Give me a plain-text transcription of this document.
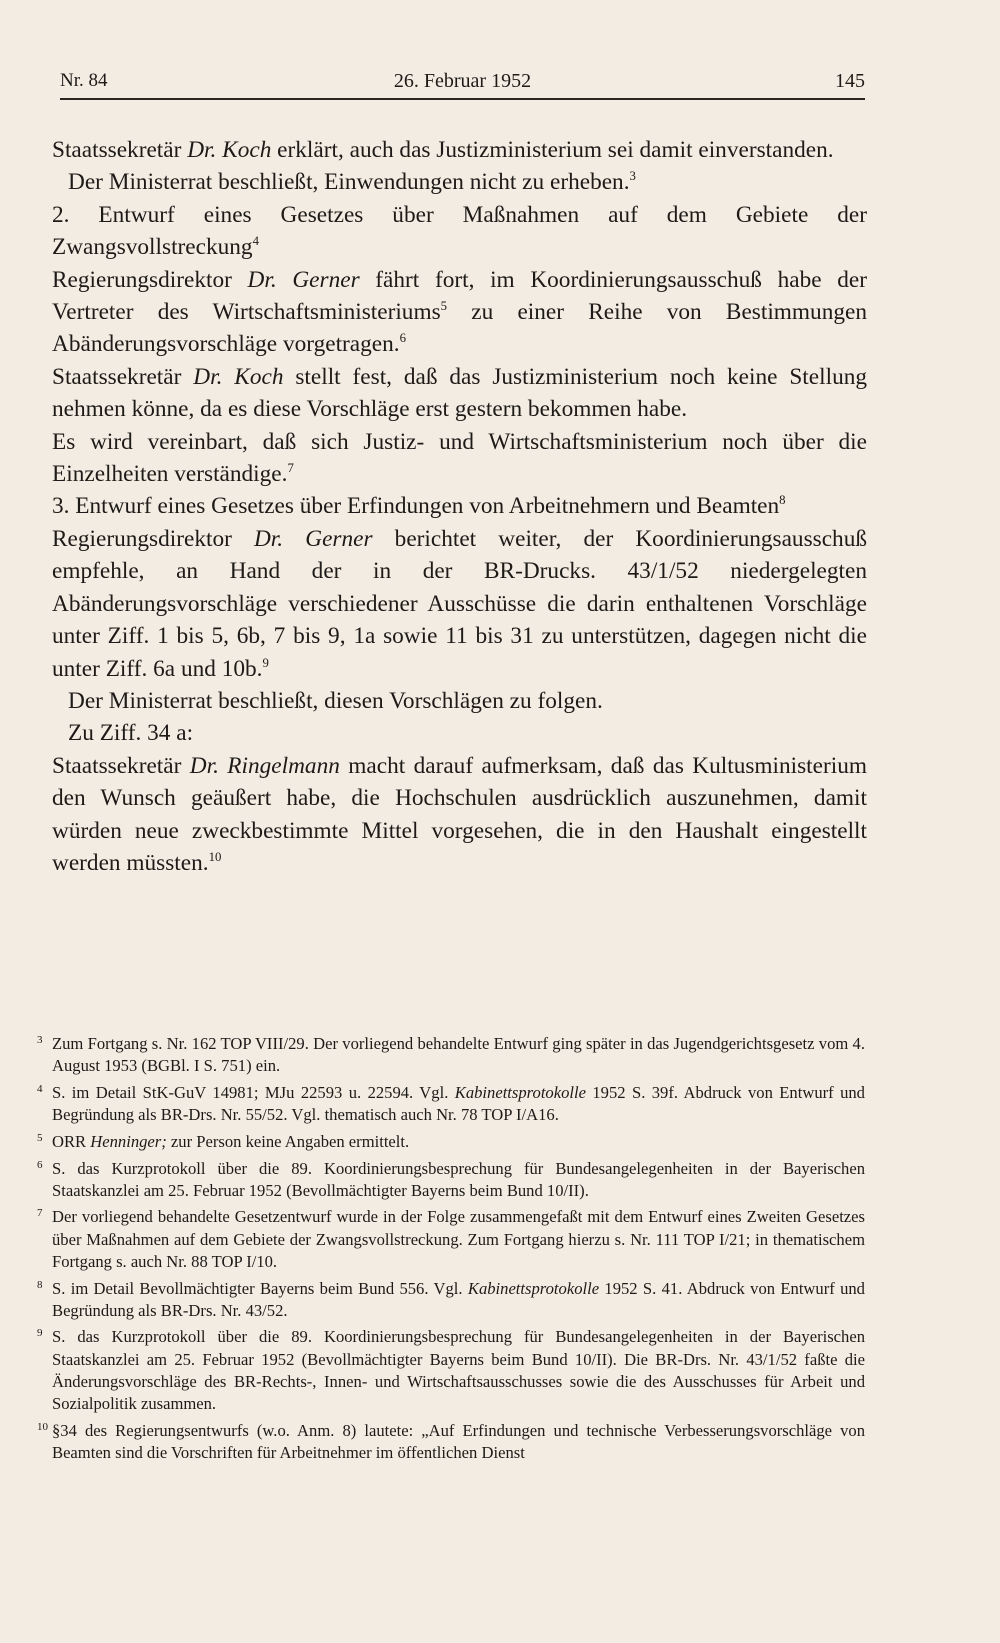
Nr. 84	26. Februar 1952	145

Staatssekretär Dr. Koch erklärt, auch das Justizministerium sei damit einverstanden.

Der Ministerrat beschließt, Einwendungen nicht zu erheben.$^3$

2. Entwurf eines Gesetzes über Maßnahmen auf dem Gebiete der Zwangsvollstreckung$^4$

Regierungsdirektor Dr. Gerner fährt fort, im Koordinierungsausschuß habe der Vertreter des Wirtschaftsministeriums$^5$ zu einer Reihe von Bestimmungen Abänderungsvorschläge vorgetragen.$^6$

Staatssekretär Dr. Koch stellt fest, daß das Justizministerium noch keine Stellung nehmen könne, da es diese Vorschläge erst gestern bekommen habe.

Es wird vereinbart, daß sich Justiz- und Wirtschaftsministerium noch über die Einzelheiten verständige.$^7$

3. Entwurf eines Gesetzes über Erfindungen von Arbeitnehmern und Beamten$^8$

Regierungsdirektor Dr. Gerner berichtet weiter, der Koordinierungsausschuß empfehle, an Hand der in der BR-Drucks. 43/1/52 niedergelegten Abänderungsvorschläge verschiedener Ausschüsse die darin enthaltenen Vorschläge unter Ziff. 1 bis 5, 6b, 7 bis 9, 1a sowie 11 bis 31 zu unterstützen, dagegen nicht die unter Ziff. 6a und 10b.$^9$

Der Ministerrat beschließt, diesen Vorschlägen zu folgen.

Zu Ziff. 34 a:

Staatssekretär Dr. Ringelmann macht darauf aufmerksam, daß das Kultusministerium den Wunsch geäußert habe, die Hochschulen ausdrücklich auszunehmen, damit würden neue zweckbestimmte Mittel vorgesehen, die in den Haushalt eingestellt werden müssten.$^{10}$

3 Zum Fortgang s. Nr. 162 TOP VIII/29. Der vorliegend behandelte Entwurf ging später in das Jugendgerichtsgesetz vom 4. August 1953 (BGBl. I S. 751) ein.

4 S. im Detail StK-GuV 14981; MJu 22593 u. 22594. Vgl. Kabinettsprotokolle 1952 S. 39f. Abdruck von Entwurf und Begründung als BR-Drs. Nr. 55/52. Vgl. thematisch auch Nr. 78 TOP I/A16.

5 ORR Henninger; zur Person keine Angaben ermittelt.

6 S. das Kurzprotokoll über die 89. Koordinierungsbesprechung für Bundesangelegenheiten in der Bayerischen Staatskanzlei am 25. Februar 1952 (Bevollmächtigter Bayerns beim Bund 10/II).

7 Der vorliegend behandelte Gesetzentwurf wurde in der Folge zusammengefaßt mit dem Entwurf eines Zweiten Gesetzes über Maßnahmen auf dem Gebiete der Zwangsvollstreckung. Zum Fortgang hierzu s. Nr. 111 TOP I/21; in thematischem Fortgang s. auch Nr. 88 TOP I/10.

8 S. im Detail Bevollmächtigter Bayerns beim Bund 556. Vgl. Kabinettsprotokolle 1952 S. 41. Abdruck von Entwurf und Begründung als BR-Drs. Nr. 43/52.

9 S. das Kurzprotokoll über die 89. Koordinierungsbesprechung für Bundesangelegenheiten in der Bayerischen Staatskanzlei am 25. Februar 1952 (Bevollmächtigter Bayerns beim Bund 10/II). Die BR-Drs. Nr. 43/1/52 faßte die Änderungsvorschläge des BR-Rechts-, Innen- und Wirtschaftsausschusses sowie die des Ausschusses für Arbeit und Sozialpolitik zusammen.

10 §34 des Regierungsentwurfs (w.o. Anm. 8) lautete: „Auf Erfindungen und technische Verbesserungsvorschläge von Beamten sind die Vorschriften für Arbeitnehmer im öffentlichen Dienst
